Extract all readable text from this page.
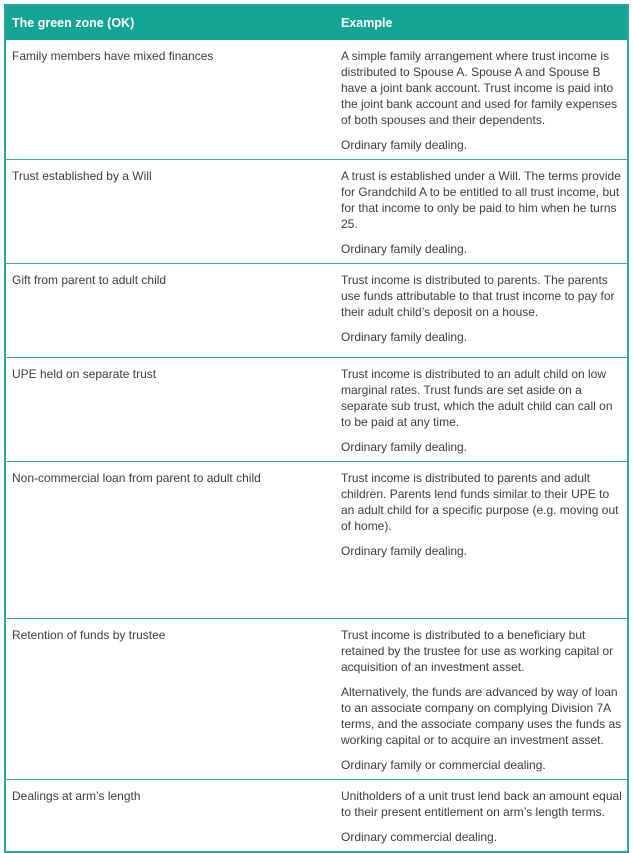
The green zone (OK)	Example
Family members have mixed finances	A simple family arrangement where trust income is distributed to Spouse A. Spouse A and Spouse B have a joint bank account. Trust income is paid into the joint bank account and used for family expenses of both spouses and their dependents.

Ordinary family dealing.

Trust established by a Will	A trust is established under a Will. The terms provide for Grandchild A to be entitled to all trust income, but for that income to only be paid to him when he turns 25.

Ordinary family dealing.

Gift from parent to adult child	Trust income is distributed to parents. The parents use funds attributable to that trust income to pay for their adult child’s deposit on a house.

Ordinary family dealing.

UPE held on separate trust	Trust income is distributed to an adult child on low marginal rates. Trust funds are set aside on a separate sub trust, which the adult child can call on to be paid at any time.

Ordinary family dealing.

Non-commercial loan from parent to adult child	Trust income is distributed to parents and adult children. Parents lend funds similar to their UPE to an adult child for a specific purpose (e.g. moving out of home).

Ordinary family dealing.

Retention of funds by trustee	Trust income is distributed to a beneficiary but retained by the trustee for use as working capital or acquisition of an investment asset.

Alternatively, the funds are advanced by way of loan to an associate company on complying Division 7A terms, and the associate company uses the funds as working capital or to acquire an investment asset.

Ordinary family or commercial dealing.

Dealings at arm’s length	Unitholders of a unit trust lend back an amount equal to their present entitlement on arm’s length terms.

Ordinary commercial dealing.
